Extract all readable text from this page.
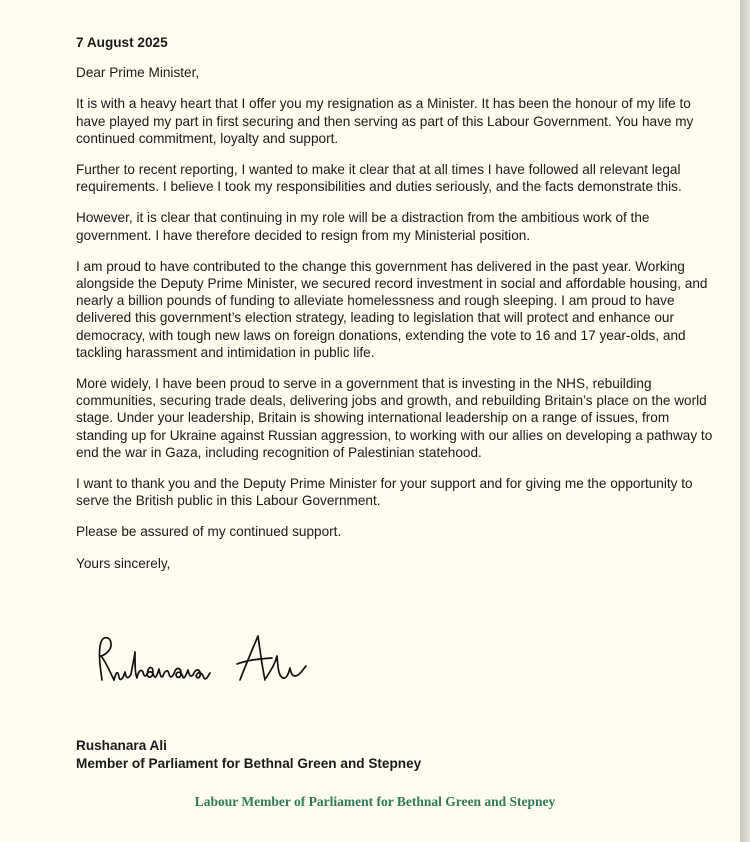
7 August 2025

Dear Prime Minister,

It is with a heavy heart that I offer you my resignation as a Minister. It has been the honour of my life to have played my part in first securing and then serving as part of this Labour Government. You have my continued commitment, loyalty and support.

Further to recent reporting, I wanted to make it clear that at all times I have followed all relevant legal requirements. I believe I took my responsibilities and duties seriously, and the facts demonstrate this.

However, it is clear that continuing in my role will be a distraction from the ambitious work of the government. I have therefore decided to resign from my Ministerial position.

I am proud to have contributed to the change this government has delivered in the past year. Working alongside the Deputy Prime Minister, we secured record investment in social and affordable housing, and nearly a billion pounds of funding to alleviate homelessness and rough sleeping. I am proud to have delivered this government’s election strategy, leading to legislation that will protect and enhance our democracy, with tough new laws on foreign donations, extending the vote to 16 and 17 year-olds, and tackling harassment and intimidation in public life.

More widely, I have been proud to serve in a government that is investing in the NHS, rebuilding communities, securing trade deals, delivering jobs and growth, and rebuilding Britain’s place on the world stage. Under your leadership, Britain is showing international leadership on a range of issues, from standing up for Ukraine against Russian aggression, to working with our allies on developing a pathway to end the war in Gaza, including recognition of Palestinian statehood.

I want to thank you and the Deputy Prime Minister for your support and for giving me the opportunity to serve the British public in this Labour Government.

Please be assured of my continued support.

Yours sincerely,

Rushanara Ali
Member of Parliament for Bethnal Green and Stepney
Labour Member of Parliament for Bethnal Green and Stepney
